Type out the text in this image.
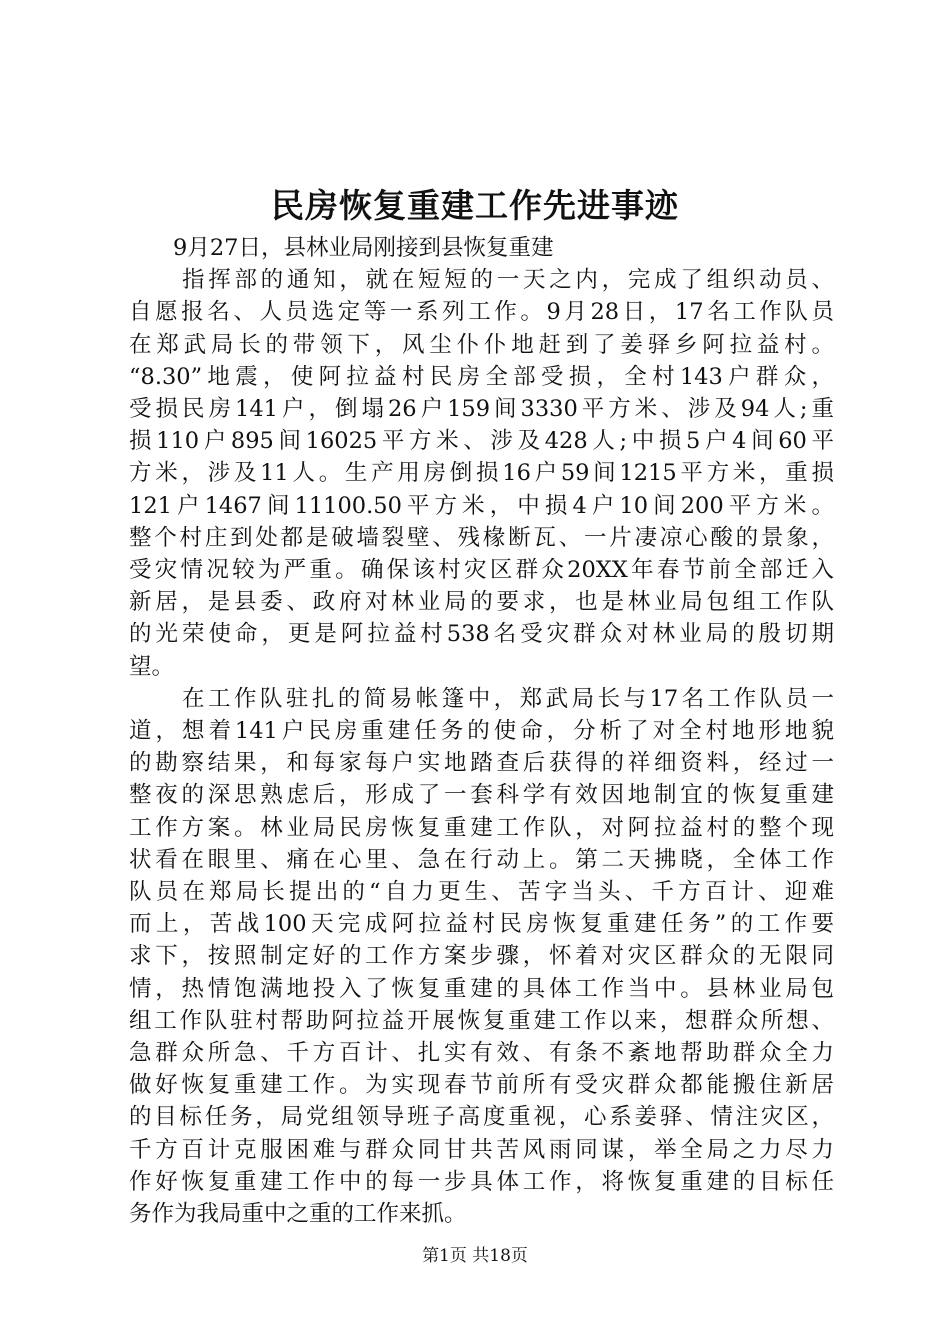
民房恢复重建工作先进事迹
9月27日，县林业局刚接到县恢复重建
指挥部的通知，就在短短的一天之内，完成了组织动员、
自愿报名、人员选定等一系列工作。9月28日，17名工作队员
在郑武局长的带领下，风尘仆仆地赶到了姜驿乡阿拉益村。
“8.30”地震，使阿拉益村民房全部受损，全村143户群众，
受损民房141户，倒塌26户159间3330平方米、涉及94人;重
损110户895间16025平方米、涉及428人;中损5户4间60平
方米，涉及11人。生产用房倒损16户59间1215平方米，重损
121户1467间11100.50平方米，中损4户10间200平方米。
整个村庄到处都是破墙裂壁、残椽断瓦、一片凄凉心酸的景象，
受灾情况较为严重。确保该村灾区群众20XX年春节前全部迁入
新居，是县委、政府对林业局的要求，也是林业局包组工作队
的光荣使命，更是阿拉益村538名受灾群众对林业局的殷切期
望。
在工作队驻扎的简易帐篷中，郑武局长与17名工作队员一
道，想着141户民房重建任务的使命，分析了对全村地形地貌
的勘察结果，和每家每户实地踏查后获得的祥细资料，经过一
整夜的深思熟虑后，形成了一套科学有效因地制宜的恢复重建
工作方案。林业局民房恢复重建工作队，对阿拉益村的整个现
状看在眼里、痛在心里、急在行动上。第二天拂晓，全体工作
队员在郑局长提出的“自力更生、苦字当头、千方百计、迎难
而上，苦战100天完成阿拉益村民房恢复重建任务”的工作要
求下，按照制定好的工作方案步骤，怀着对灾区群众的无限同
情，热情饱满地投入了恢复重建的具体工作当中。县林业局包
组工作队驻村帮助阿拉益开展恢复重建工作以来，想群众所想、
急群众所急、千方百计、扎实有效、有条不紊地帮助群众全力
做好恢复重建工作。为实现春节前所有受灾群众都能搬住新居
的目标任务，局党组领导班子高度重视，心系姜驿、情注灾区，
千方百计克服困难与群众同甘共苦风雨同谋，举全局之力尽力
作好恢复重建工作中的每一步具体工作，将恢复重建的目标任
务作为我局重中之重的工作来抓。
第1页 共18页
